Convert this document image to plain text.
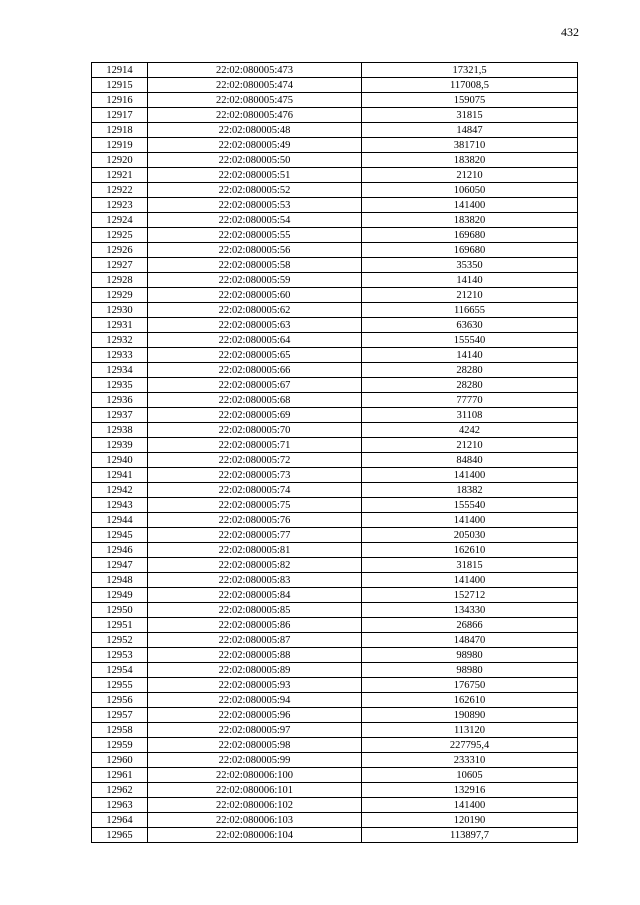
432
12914	22:02:080005:473	17321,5
12915	22:02:080005:474	117008,5
12916	22:02:080005:475	159075
12917	22:02:080005:476	31815
12918	22:02:080005:48	14847
12919	22:02:080005:49	381710
12920	22:02:080005:50	183820
12921	22:02:080005:51	21210
12922	22:02:080005:52	106050
12923	22:02:080005:53	141400
12924	22:02:080005:54	183820
12925	22:02:080005:55	169680
12926	22:02:080005:56	169680
12927	22:02:080005:58	35350
12928	22:02:080005:59	14140
12929	22:02:080005:60	21210
12930	22:02:080005:62	116655
12931	22:02:080005:63	63630
12932	22:02:080005:64	155540
12933	22:02:080005:65	14140
12934	22:02:080005:66	28280
12935	22:02:080005:67	28280
12936	22:02:080005:68	77770
12937	22:02:080005:69	31108
12938	22:02:080005:70	4242
12939	22:02:080005:71	21210
12940	22:02:080005:72	84840
12941	22:02:080005:73	141400
12942	22:02:080005:74	18382
12943	22:02:080005:75	155540
12944	22:02:080005:76	141400
12945	22:02:080005:77	205030
12946	22:02:080005:81	162610
12947	22:02:080005:82	31815
12948	22:02:080005:83	141400
12949	22:02:080005:84	152712
12950	22:02:080005:85	134330
12951	22:02:080005:86	26866
12952	22:02:080005:87	148470
12953	22:02:080005:88	98980
12954	22:02:080005:89	98980
12955	22:02:080005:93	176750
12956	22:02:080005:94	162610
12957	22:02:080005:96	190890
12958	22:02:080005:97	113120
12959	22:02:080005:98	227795,4
12960	22:02:080005:99	233310
12961	22:02:080006:100	10605
12962	22:02:080006:101	132916
12963	22:02:080006:102	141400
12964	22:02:080006:103	120190
12965	22:02:080006:104	113897,7
